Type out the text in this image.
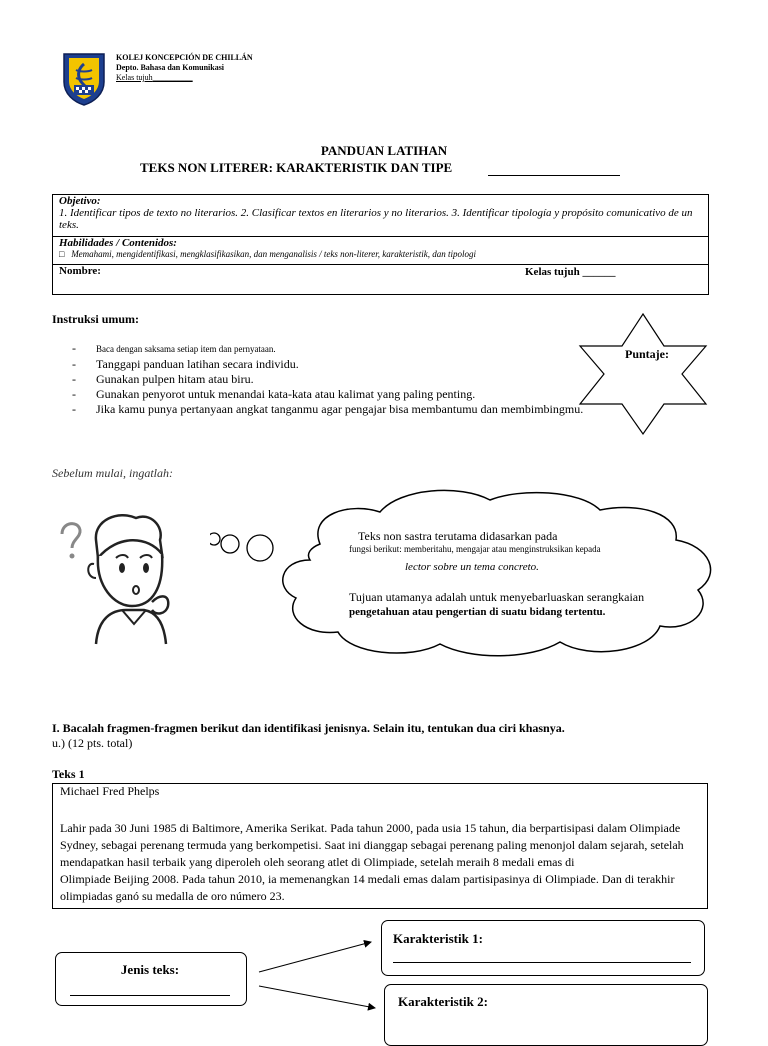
KOLEJ KONCEPCIÓN DE CHILLÁN
Depto. Bahasa dan Komunikasi
Kelas tujuh__________
PANDUAN LATIHAN
TEKS NON LITERER: KARAKTERISTIK DAN TIPE
Objetivo:
1. Identificar tipos de texto no literarios. 2. Clasificar textos en literarios y no literarios. 3. Identificar tipología y propósito comunicativo de un teks.
Habilidades / Contenidos:
□ Memahami, mengidentifikasi, mengklasifikasikan, dan menganalisis / teks non-literer, karakteristik, dan tipologi
Nombre:	Kelas tujuh ______
Instruksi umum:
- Baca dengan saksama setiap item dan pernyataan.
- Tanggapi panduan latihan secara individu.
- Gunakan pulpen hitam atau biru.
- Gunakan penyorot untuk menandai kata-kata atau kalimat yang paling penting.
- Jika kamu punya pertanyaan angkat tanganmu agar pengajar bisa membantumu dan membimbingmu.
Puntaje:
Sebelum mulai, ingatlah:
Teks non sastra terutama didasarkan pada
fungsi berikut: memberitahu, mengajar atau menginstruksikan kepada
lector sobre un tema concreto.
Tujuan utamanya adalah untuk menyebarluaskan serangkaian
pengetahuan atau pengertian di suatu bidang tertentu.
I. Bacalah fragmen-fragmen berikut dan identifikasi jenisnya. Selain itu, tentukan dua ciri khasnya.
u.) (12 pts. total)
Teks 1
Michael Fred Phelps
Lahir pada 30 Juni 1985 di Baltimore, Amerika Serikat. Pada tahun 2000, pada usia 15 tahun, dia berpartisipasi dalam Olimpiade
Sydney, sebagai perenang termuda yang berkompetisi. Saat ini dianggap sebagai perenang paling menonjol dalam sejarah, setelah
mendapatkan hasil terbaik yang diperoleh oleh seorang atlet di Olimpiade, setelah meraih 8 medali emas di
Olimpiade Beijing 2008. Pada tahun 2010, ia memenangkan 14 medali emas dalam partisipasinya di Olimpiade. Dan di terakhir
olimpiadas ganó su medalla de oro número 23.
Jenis teks:
Karakteristik 1:
Karakteristik 2:
